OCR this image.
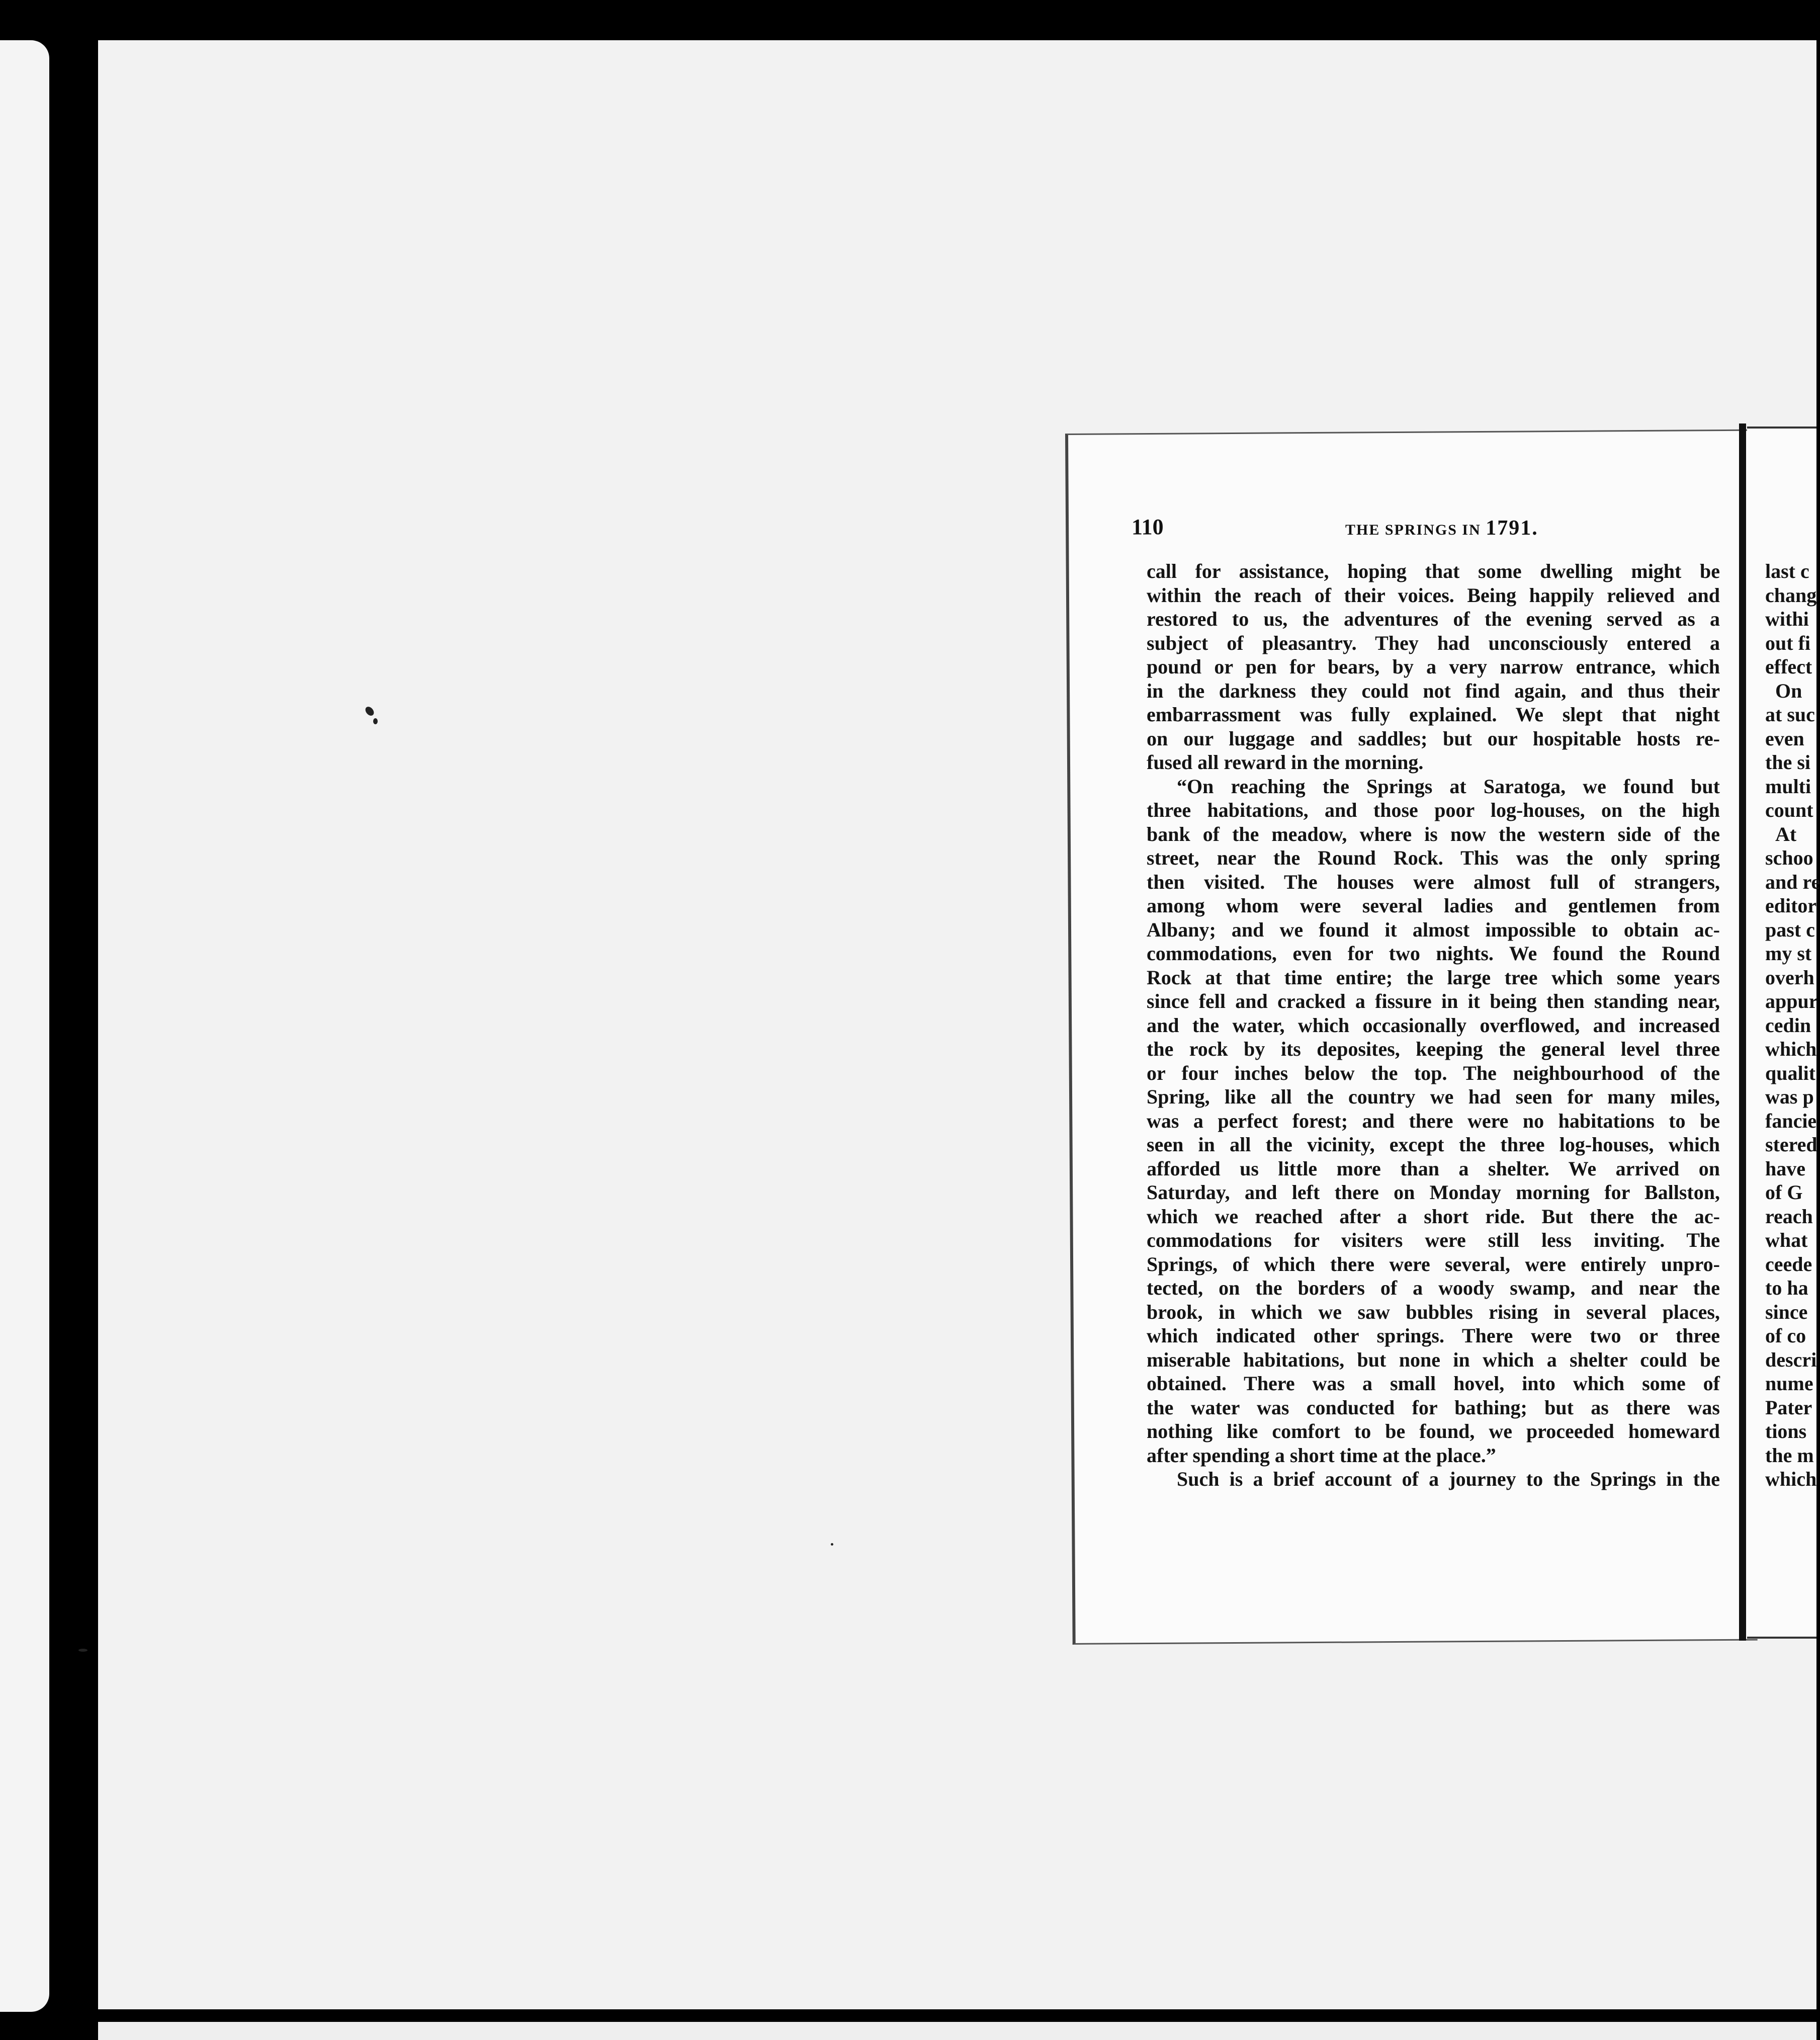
110	THE SPRINGS IN 1791.
call for assistance, hoping that some dwelling might be
within the reach of their voices. Being happily relieved and
restored to us, the adventures of the evening served as a
subject of pleasantry. They had unconsciously entered a
pound or pen for bears, by a very narrow entrance, which
in the darkness they could not find again, and thus their
embarrassment was fully explained. We slept that night
on our luggage and saddles; but our hospitable hosts re-
fused all reward in the morning.
“On reaching the Springs at Saratoga, we found but
three habitations, and those poor log-houses, on the high
bank of the meadow, where is now the western side of the
street, near the Round Rock. This was the only spring
then visited. The houses were almost full of strangers,
among whom were several ladies and gentlemen from
Albany; and we found it almost impossible to obtain ac-
commodations, even for two nights. We found the Round
Rock at that time entire; the large tree which some years
since fell and cracked a fissure in it being then standing near,
and the water, which occasionally overflowed, and increased
the rock by its deposites, keeping the general level three
or four inches below the top. The neighbourhood of the
Spring, like all the country we had seen for many miles,
was a perfect forest; and there were no habitations to be
seen in all the vicinity, except the three log-houses, which
afforded us little more than a shelter. We arrived on
Saturday, and left there on Monday morning for Ballston,
which we reached after a short ride. But there the ac-
commodations for visiters were still less inviting. The
Springs, of which there were several, were entirely unpro-
tected, on the borders of a woody swamp, and near the
brook, in which we saw bubbles rising in several places,
which indicated other springs. There were two or three
miserable habitations, but none in which a shelter could be
obtained. There was a small hovel, into which some of
the water was conducted for bathing; but as there was
nothing like comfort to be found, we proceeded homeward
after spending a short time at the place.”
Such is a brief account of a journey to the Springs in the
last c
chang
withi
out fi
effect
On
at suc
even
the si
multi
count
At
schoo
and re
editor
past c
my st
overh
appur
cedin
which
qualit
was p
fancie
stered
have
of G
reach
what
ceede
to ha
since
of co
descri
nume
Pater
tions
the m
which
